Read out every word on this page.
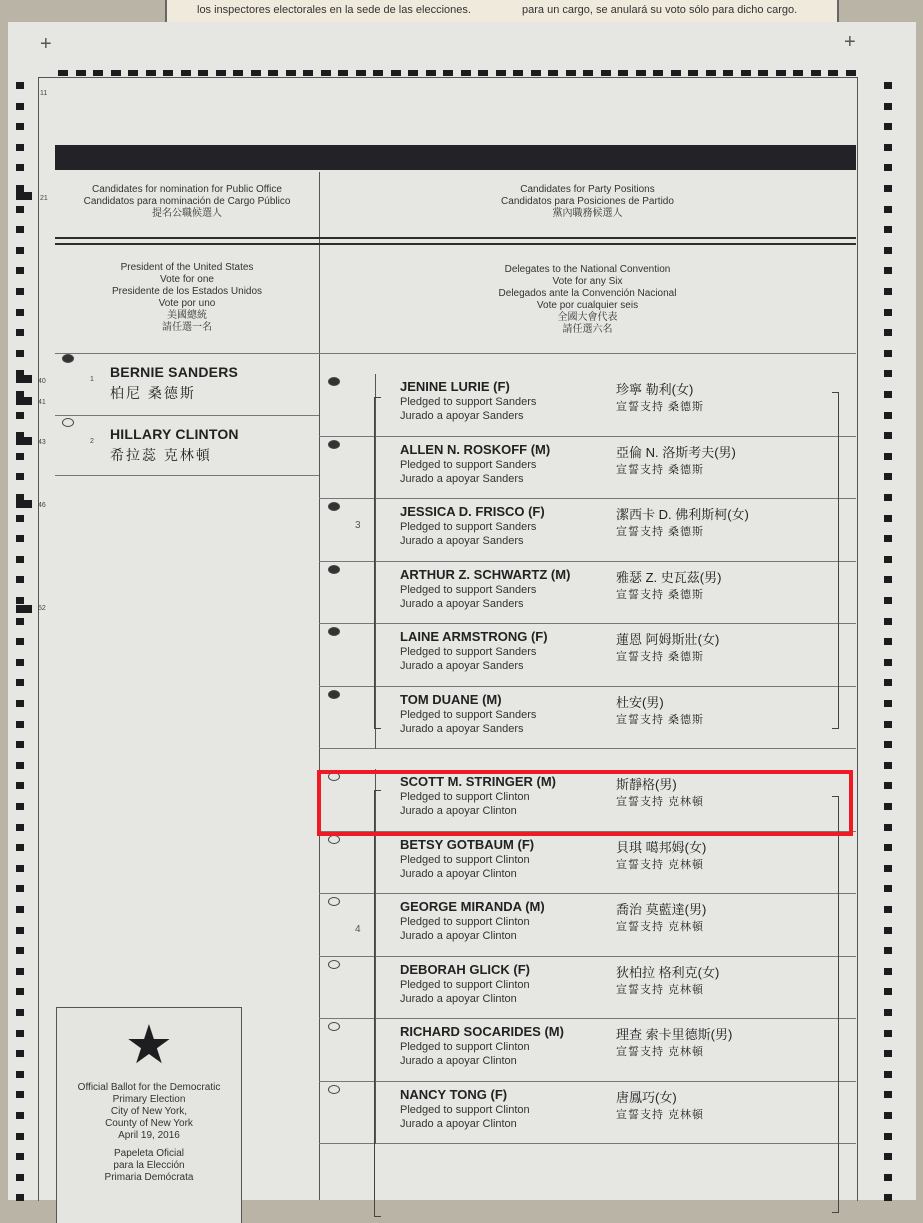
los inspectores electorales en la sede de las elecciones.	para un cargo, se anulará su voto sólo para dicho cargo.
+	+
11
21
40
41
43
46
52
Candidates for nomination for Public Office
Candidatos para nominación de Cargo Público
提名公職候選人
Candidates for Party Positions
Candidatos para Posiciones de Partido
黨內職務候選人
President of the United States
Vote for one
Presidente de los Estados Unidos
Vote por uno
美國總統
請任選一名
Delegates to the National Convention
Vote for any Six
Delegados ante la Convención Nacional
Vote por cualquier seis
全國大會代表
請任選六名
1 BERNIE SANDERS
柏尼 桑德斯
2 HILLARY CLINTON
希拉蕊 克林頓
3
4
JENINE LURIE (F)
Pledged to support Sanders
Jurado a apoyar Sanders
珍寧 勒利(女)
宣誓支持 桑德斯
ALLEN N. ROSKOFF (M)
Pledged to support Sanders
Jurado a apoyar Sanders
亞倫 N. 洛斯考夫(男)
宣誓支持 桑德斯
JESSICA D. FRISCO (F)
Pledged to support Sanders
Jurado a apoyar Sanders
潔西卡 D. 佛利斯柯(女)
宣誓支持 桑德斯
ARTHUR Z. SCHWARTZ (M)
Pledged to support Sanders
Jurado a apoyar Sanders
雅瑟 Z. 史瓦茲(男)
宣誓支持 桑德斯
LAINE ARMSTRONG (F)
Pledged to support Sanders
Jurado a apoyar Sanders
蓮恩 阿姆斯壯(女)
宣誓支持 桑德斯
TOM DUANE (M)
Pledged to support Sanders
Jurado a apoyar Sanders
杜安(男)
宣誓支持 桑德斯
SCOTT M. STRINGER (M)
Pledged to support Clinton
Jurado a apoyar Clinton
斯靜格(男)
宣誓支持 克林頓
BETSY GOTBAUM (F)
Pledged to support Clinton
Jurado a apoyar Clinton
貝琪 噶邦姆(女)
宣誓支持 克林頓
GEORGE MIRANDA (M)
Pledged to support Clinton
Jurado a apoyar Clinton
喬治 莫藍達(男)
宣誓支持 克林頓
DEBORAH GLICK (F)
Pledged to support Clinton
Jurado a apoyar Clinton
狄柏拉 格利克(女)
宣誓支持 克林頓
RICHARD SOCARIDES (M)
Pledged to support Clinton
Jurado a apoyar Clinton
理查 索卡里德斯(男)
宣誓支持 克林頓
NANCY TONG (F)
Pledged to support Clinton
Jurado a apoyar Clinton
唐鳳巧(女)
宣誓支持 克林頓
★
Official Ballot for the Democratic
Primary Election
City of New York,
County of New York
April 19, 2016
Papeleta Oficial
para la Elección
Primaria Demócrata
